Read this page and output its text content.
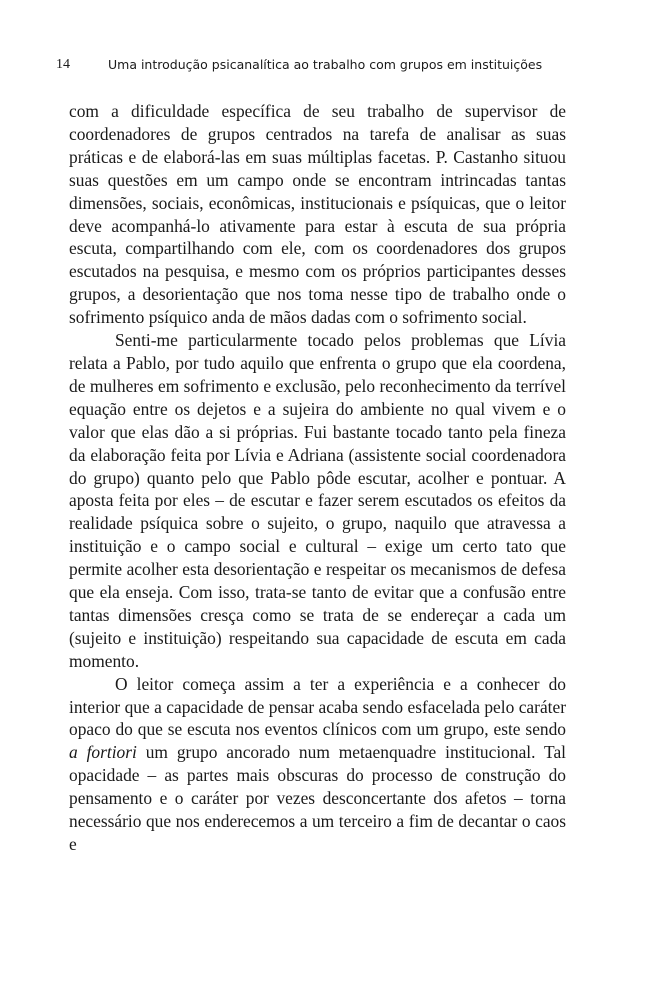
14	Uma introdução psicanalítica ao trabalho com grupos em instituições

com a dificuldade específica de seu trabalho de supervisor de coordenadores de grupos centrados na tarefa de analisar as suas práticas e de elaborá-las em suas múltiplas facetas. P. Castanho situou suas questões em um campo onde se encontram intrincadas tantas dimensões, sociais, econômicas, institucionais e psíquicas, que o leitor deve acompanhá-lo ativamente para estar à escuta de sua própria escuta, compartilhando com ele, com os coordenadores dos grupos escutados na pesquisa, e mesmo com os próprios participantes desses grupos, a desorientação que nos toma nesse tipo de trabalho onde o sofrimento psíquico anda de mãos dadas com o sofrimento social.

Senti-me particularmente tocado pelos problemas que Lívia relata a Pablo, por tudo aquilo que enfrenta o grupo que ela coordena, de mulheres em sofrimento e exclusão, pelo reconhecimento da terrível equação entre os dejetos e a sujeira do ambiente no qual vivem e o valor que elas dão a si próprias. Fui bastante tocado tanto pela fineza da elaboração feita por Lívia e Adriana (assistente social coordenadora do grupo) quanto pelo que Pablo pôde escutar, acolher e pontuar. A aposta feita por eles – de escutar e fazer serem escutados os efeitos da realidade psíquica sobre o sujeito, o grupo, naquilo que atravessa a instituição e o campo social e cultural – exige um certo tato que permite acolher esta desorientação e respeitar os mecanismos de defesa que ela enseja. Com isso, trata-se tanto de evitar que a confusão entre tantas dimensões cresça como se trata de se endereçar a cada um (sujeito e instituição) respeitando sua capacidade de escuta em cada momento.

O leitor começa assim a ter a experiência e a conhecer do interior que a capacidade de pensar acaba sendo esfacelada pelo caráter opaco do que se escuta nos eventos clínicos com um grupo, este sendo a fortiori um grupo ancorado num metaenquadre institucional. Tal opacidade – as partes mais obscuras do processo de construção do pensamento e o caráter por vezes desconcertante dos afetos – torna necessário que nos enderecemos a um terceiro a fim de decantar o caos e
